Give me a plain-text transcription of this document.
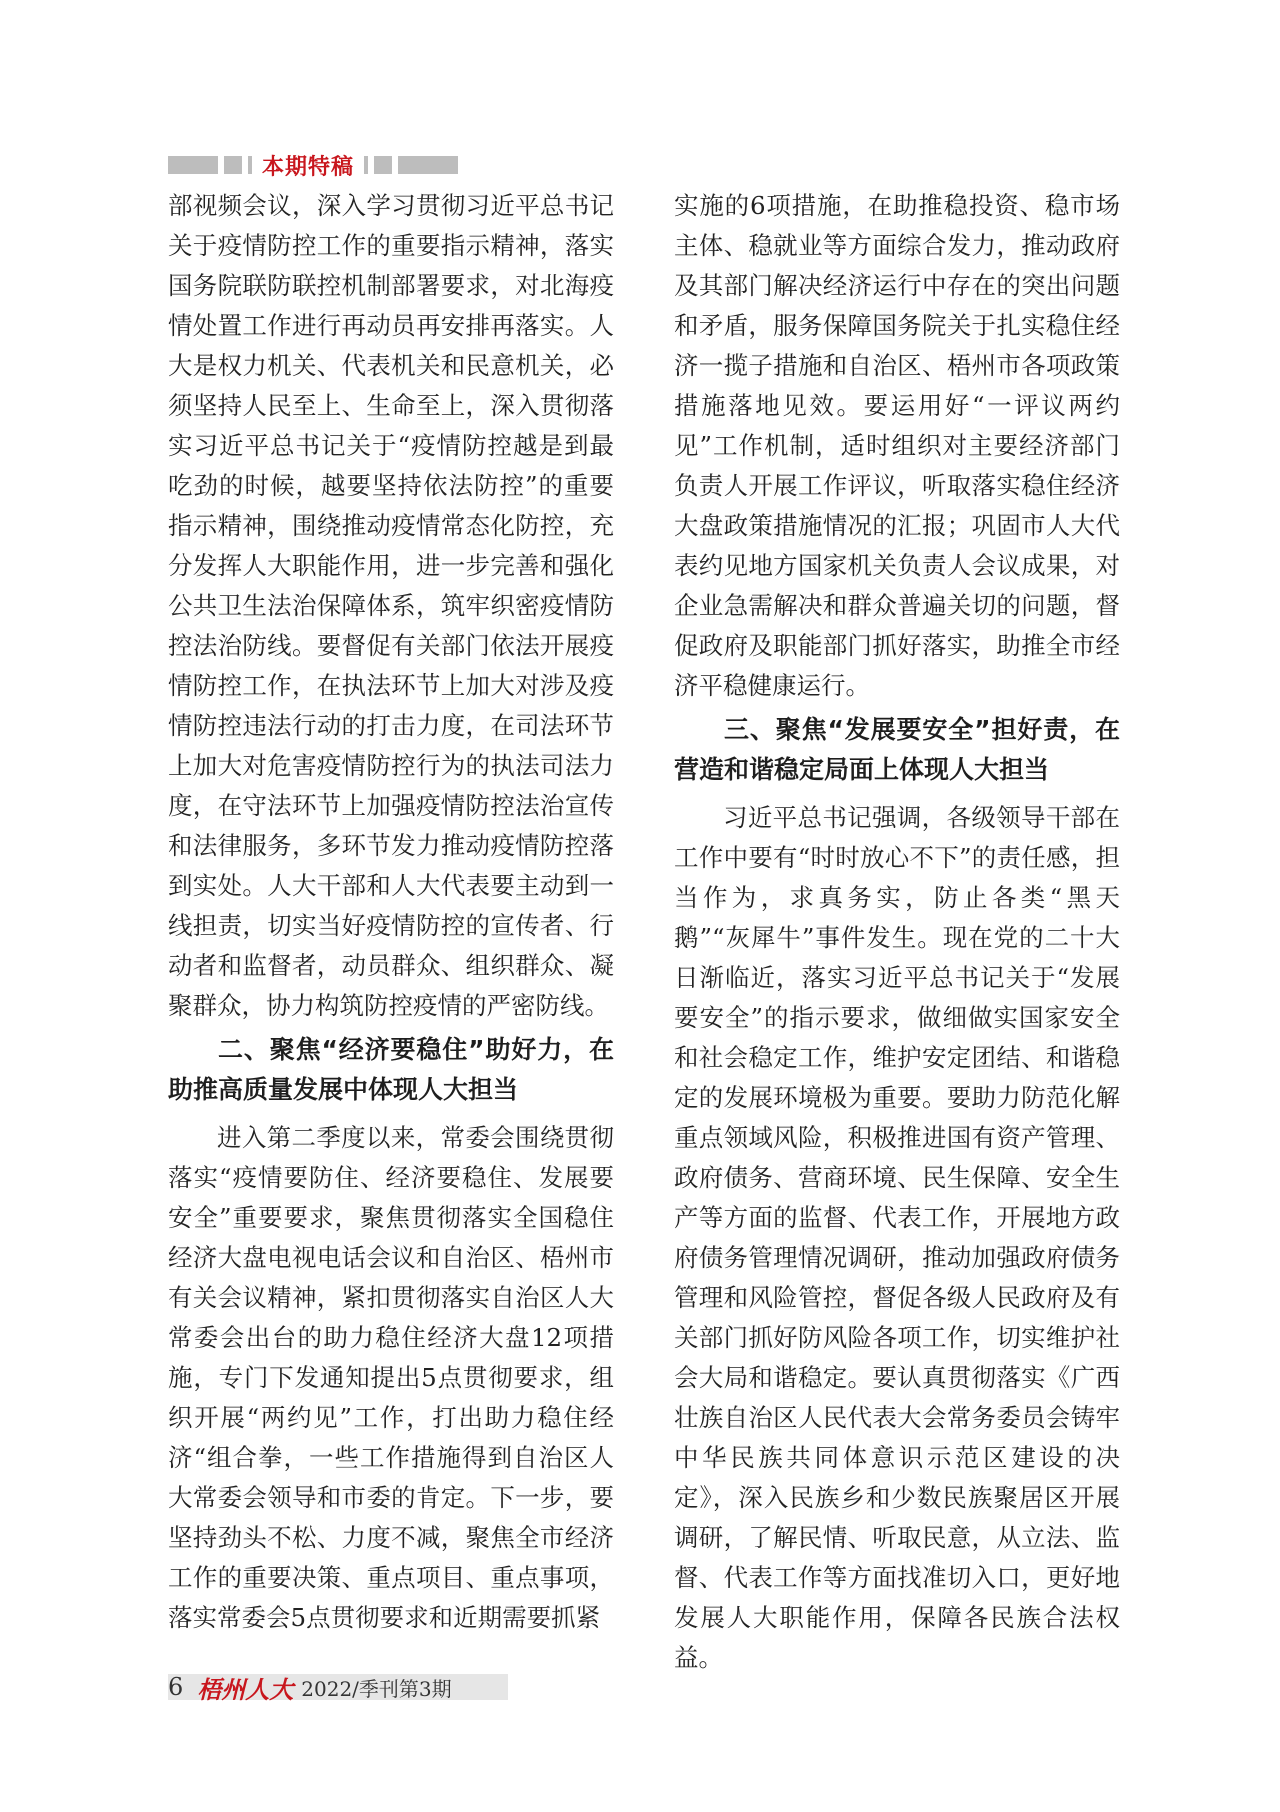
本期特稿

部视频会议，深入学习贯彻习近平总书记关于疫情防控工作的重要指示精神，落实国务院联防联控机制部署要求，对北海疫情处置工作进行再动员再安排再落实。人大是权力机关、代表机关和民意机关，必须坚持人民至上、生命至上，深入贯彻落实习近平总书记关于“疫情防控越是到最吃劲的时候，越要坚持依法防控”的重要指示精神，围绕推动疫情常态化防控，充分发挥人大职能作用，进一步完善和强化公共卫生法治保障体系，筑牢织密疫情防控法治防线。要督促有关部门依法开展疫情防控工作，在执法环节上加大对涉及疫情防控违法行动的打击力度，在司法环节上加大对危害疫情防控行为的执法司法力度，在守法环节上加强疫情防控法治宣传和法律服务，多环节发力推动疫情防控落到实处。人大干部和人大代表要主动到一线担责，切实当好疫情防控的宣传者、行动者和监督者，动员群众、组织群众、凝聚群众，协力构筑防控疫情的严密防线。

二、聚焦“经济要稳住”助好力，在助推高质量发展中体现人大担当

进入第二季度以来，常委会围绕贯彻落实“疫情要防住、经济要稳住、发展要安全”重要要求，聚焦贯彻落实全国稳住经济大盘电视电话会议和自治区、梧州市有关会议精神，紧扣贯彻落实自治区人大常委会出台的助力稳住经济大盘12项措施，专门下发通知提出5点贯彻要求，组织开展“两约见”工作，打出助力稳住经济“组合拳，一些工作措施得到自治区人大常委会领导和市委的肯定。下一步，要坚持劲头不松、力度不减，聚焦全市经济工作的重要决策、重点项目、重点事项，落实常委会5点贯彻要求和近期需要抓紧

实施的6项措施，在助推稳投资、稳市场主体、稳就业等方面综合发力，推动政府及其部门解决经济运行中存在的突出问题和矛盾，服务保障国务院关于扎实稳住经济一揽子措施和自治区、梧州市各项政策措施落地见效。要运用好“一评议两约见”工作机制，适时组织对主要经济部门负责人开展工作评议，听取落实稳住经济大盘政策措施情况的汇报；巩固市人大代表约见地方国家机关负责人会议成果，对企业急需解决和群众普遍关切的问题，督促政府及职能部门抓好落实，助推全市经济平稳健康运行。

三、聚焦“发展要安全”担好责，在营造和谐稳定局面上体现人大担当

习近平总书记强调，各级领导干部在工作中要有“时时放心不下”的责任感，担当作为，求真务实，防止各类“黑天鹅”“灰犀牛”事件发生。现在党的二十大日渐临近，落实习近平总书记关于“发展要安全”的指示要求，做细做实国家安全和社会稳定工作，维护安定团结、和谐稳定的发展环境极为重要。要助力防范化解重点领域风险，积极推进国有资产管理、政府债务、营商环境、民生保障、安全生产等方面的监督、代表工作，开展地方政府债务管理情况调研，推动加强政府债务管理和风险管控，督促各级人民政府及有关部门抓好防风险各项工作，切实维护社会大局和谐稳定。要认真贯彻落实《广西壮族自治区人民代表大会常务委员会铸牢中华民族共同体意识示范区建设的决定》，深入民族乡和少数民族聚居区开展调研，了解民情、听取民意，从立法、监督、代表工作等方面找准切入口，更好地发展人大职能作用，保障各民族合法权益。

6 梧州人大 2022/季刊第3期
